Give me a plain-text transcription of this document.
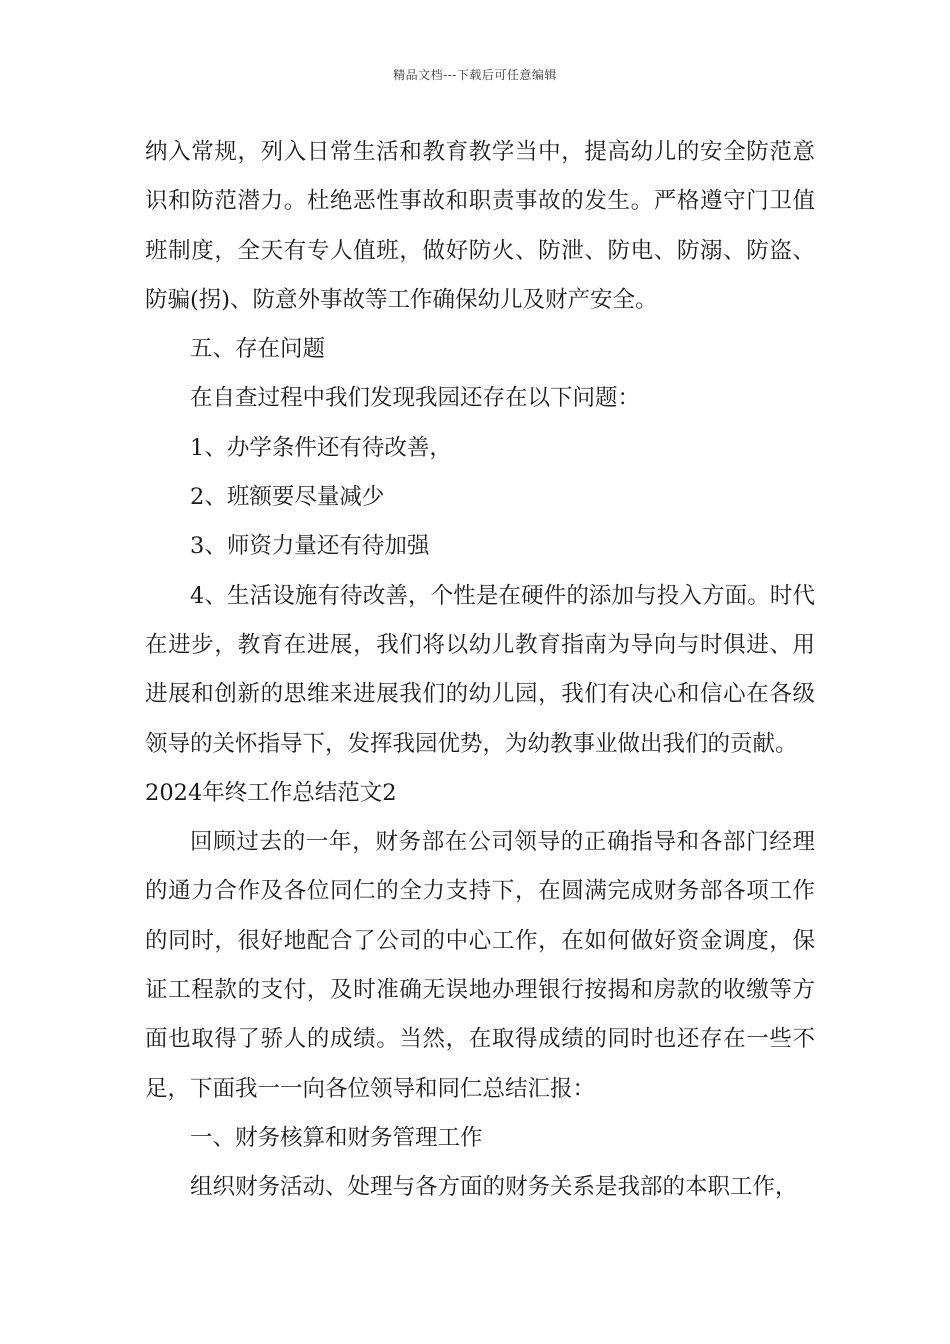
精品文档---下载后可任意编辑
纳入常规，列入日常生活和教育教学当中，提高幼儿的安全防范意
识和防范潜力。杜绝恶性事故和职责事故的发生。严格遵守门卫值
班制度，全天有专人值班，做好防火、防泄、防电、防溺、防盗、
防骗(拐)、防意外事故等工作确保幼儿及财产安全。
五、存在问题
在自查过程中我们发现我园还存在以下问题：
1、办学条件还有待改善，
2、班额要尽量减少
3、师资力量还有待加强
4、生活设施有待改善，个性是在硬件的添加与投入方面。时代
在进步，教育在进展，我们将以幼儿教育指南为导向与时俱进、用
进展和创新的思维来进展我们的幼儿园，我们有决心和信心在各级
领导的关怀指导下，发挥我园优势，为幼教事业做出我们的贡献。
2024年终工作总结范文2
回顾过去的一年，财务部在公司领导的正确指导和各部门经理
的通力合作及各位同仁的全力支持下，在圆满完成财务部各项工作
的同时，很好地配合了公司的中心工作，在如何做好资金调度，保
证工程款的支付，及时准确无误地办理银行按揭和房款的收缴等方
面也取得了骄人的成绩。当然，在取得成绩的同时也还存在一些不
足，下面我一一向各位领导和同仁总结汇报：
一、财务核算和财务管理工作
组织财务活动、处理与各方面的财务关系是我部的本职工作，
